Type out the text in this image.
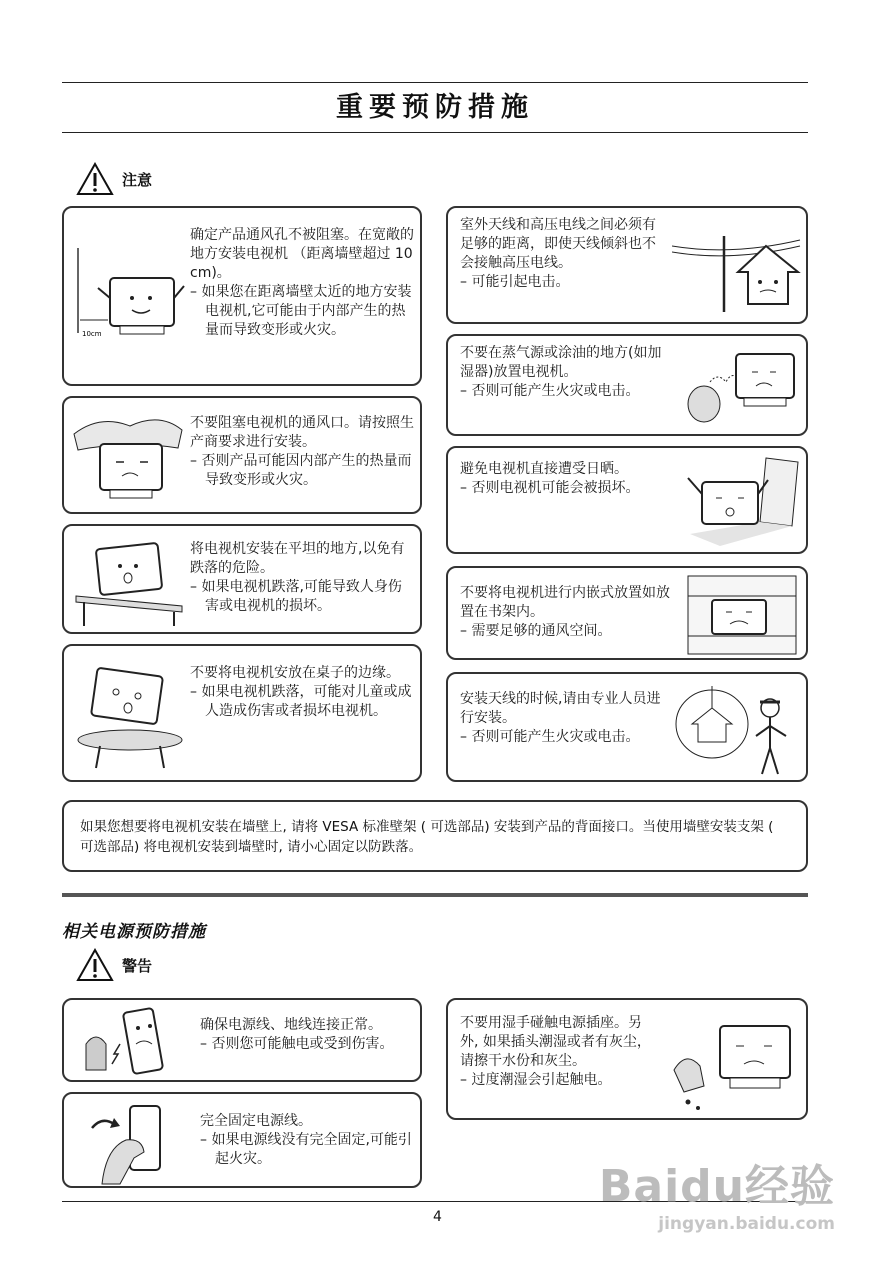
重要预防措施
注意
10cm
确定产品通风孔不被阻塞。在宽敞的地方安装电视机 （距离墙壁超过 10 cm)。
– 如果您在距离墙壁太近的地方安装电视机,它可能由于内部产生的热量而导致变形或火灾。
不要阻塞电视机的通风口。请按照生产商要求进行安装。
– 否则产品可能因内部产生的热量而导致变形或火灾。
将电视机安装在平坦的地方,以免有跌落的危险。
– 如果电视机跌落,可能导致人身伤害或电视机的损坏。
不要将电视机安放在桌子的边缘。
– 如果电视机跌落，可能对儿童或成人造成伤害或者损坏电视机。
室外天线和高压电线之间必须有足够的距离，即使天线倾斜也不会接触高压电线。
– 可能引起电击。
不要在蒸气源或涂油的地方(如加湿器)放置电视机。
– 否则可能产生火灾或电击。
避免电视机直接遭受日晒。
– 否则电视机可能会被损坏。
不要将电视机进行内嵌式放置如放置在书架内。
– 需要足够的通风空间。
安装天线的时候,请由专业人员进行安装。
– 否则可能产生火灾或电击。
如果您想要将电视机安装在墙壁上, 请将 VESA 标准壁架 ( 可选部品) 安装到产品的背面接口。当使用墙壁安装支架 ( 可选部品) 将电视机安装到墙壁时, 请小心固定以防跌落。
相关电源预防措施
警告
确保电源线、地线连接正常。
– 否则您可能触电或受到伤害。
不要用湿手碰触电源插座。另外, 如果插头潮湿或者有灰尘，请擦干水份和灰尘。
– 过度潮湿会引起触电。
完全固定电源线。
– 如果电源线没有完全固定,可能引起火灾。
4
Baidu经验
jingyan.baidu.com
